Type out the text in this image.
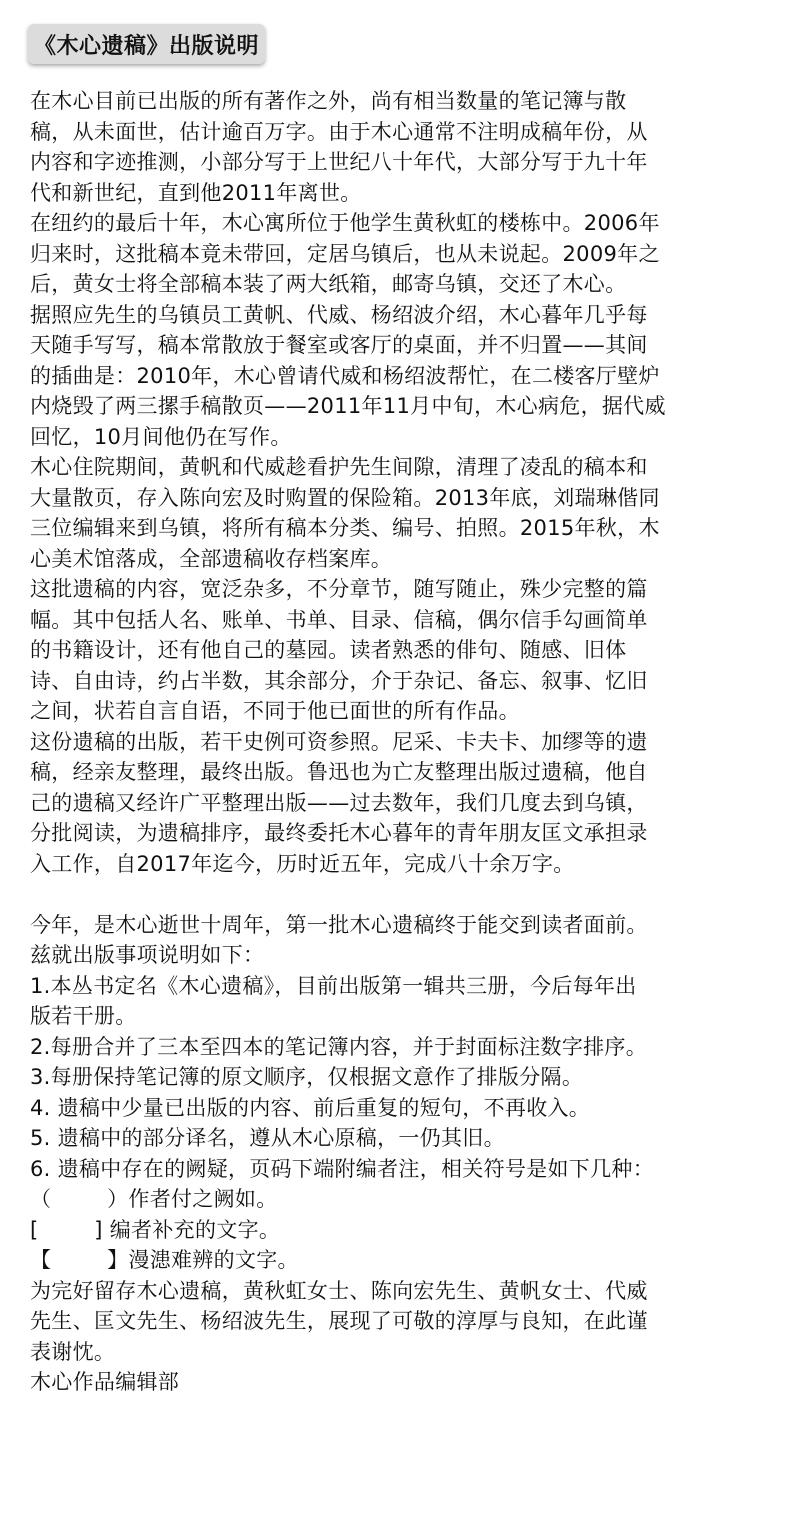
《木心遗稿》出版说明

在木心目前已出版的所有著作之外，尚有相当数量的笔记簿与散
稿，从未面世，估计逾百万字。由于木心通常不注明成稿年份，从
内容和字迹推测，小部分写于上世纪八十年代，大部分写于九十年
代和新世纪，直到他2011年离世。

在纽约的最后十年，木心寓所位于他学生黄秋虹的楼栋中。2006年
归来时，这批稿本竟未带回，定居乌镇后，也从未说起。2009年之
后，黄女士将全部稿本装了两大纸箱，邮寄乌镇，交还了木心。

据照应先生的乌镇员工黄帆、代威、杨绍波介绍，木心暮年几乎每
天随手写写，稿本常散放于餐室或客厅的桌面，并不归置——其间
的插曲是：2010年，木心曾请代威和杨绍波帮忙，在二楼客厅壁炉
内烧毁了两三摞手稿散页——2011年11月中旬，木心病危，据代威
回忆，10月间他仍在写作。

木心住院期间，黄帆和代威趁看护先生间隙，清理了凌乱的稿本和
大量散页，存入陈向宏及时购置的保险箱。2013年底，刘瑞琳偕同
三位编辑来到乌镇，将所有稿本分类、编号、拍照。2015年秋，木
心美术馆落成，全部遗稿收存档案库。

这批遗稿的内容，宽泛杂多，不分章节，随写随止，殊少完整的篇
幅。其中包括人名、账单、书单、目录、信稿，偶尔信手勾画简单
的书籍设计，还有他自己的墓园。读者熟悉的俳句、随感、旧体
诗、自由诗，约占半数，其余部分，介于杂记、备忘、叙事、忆旧
之间，状若自言自语，不同于他已面世的所有作品。

这份遗稿的出版，若干史例可资参照。尼采、卡夫卡、加缪等的遗
稿，经亲友整理，最终出版。鲁迅也为亡友整理出版过遗稿，他自
己的遗稿又经许广平整理出版——过去数年，我们几度去到乌镇，
分批阅读，为遗稿排序，最终委托木心暮年的青年朋友匡文承担录
入工作，自2017年迄今，历时近五年，完成八十余万字。

今年，是木心逝世十周年，第一批木心遗稿终于能交到读者面前。
兹就出版事项说明如下：

1.本丛书定名《木心遗稿》，目前出版第一辑共三册，今后每年出
版若干册。

2.每册合并了三本至四本的笔记簿内容，并于封面标注数字排序。

3.每册保持笔记簿的原文顺序，仅根据文意作了排版分隔。

4. 遗稿中少量已出版的内容、前后重复的短句，不再收入。

5. 遗稿中的部分译名，遵从木心原稿，一仍其旧。

6. 遗稿中存在的阙疑，页码下端附编者注，相关符号是如下几种：

（        ）作者付之阙如。

[        ] 编者补充的文字。

【        】漫漶难辨的文字。

为完好留存木心遗稿，黄秋虹女士、陈向宏先生、黄帆女士、代威
先生、匡文先生、杨绍波先生，展现了可敬的淳厚与良知，在此谨
表谢忱。

木心作品编辑部
